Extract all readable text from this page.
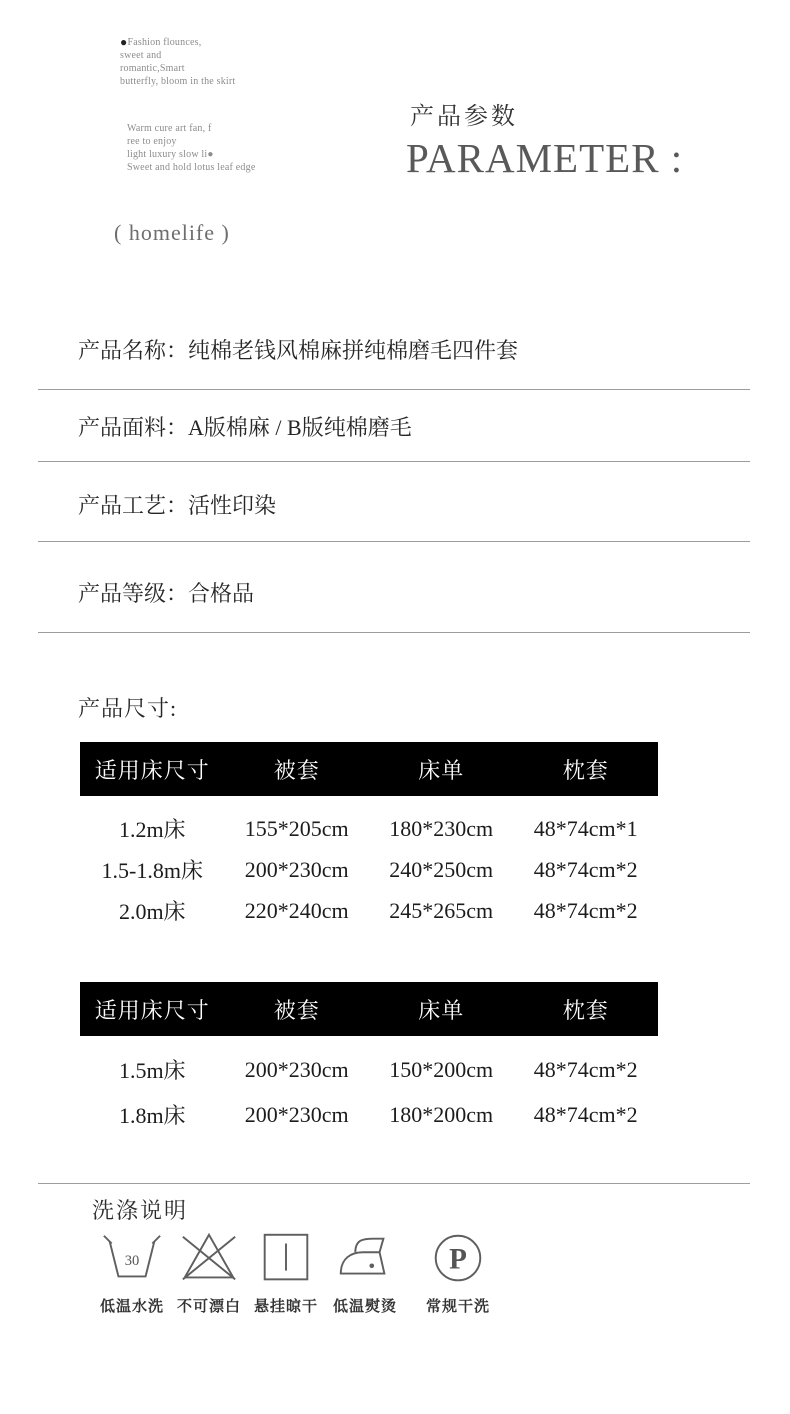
●Fashion flounces,
sweet and
romantic,Smart
butterfly, bloom in the skirt
Warm cure art fan, f
ree to enjoy
light luxury slow li●
Sweet and hold lotus leaf edge
( homelife )
产品参数
PARAMETER :
产品名称：纯棉老钱风棉麻拼纯棉磨毛四件套
产品面料：A版棉麻 / B版纯棉磨毛
产品工艺：活性印染
产品等级：合格品
产品尺寸:
适用床尺寸	被套	床单	枕套
1.2m床	155*205cm	180*230cm	48*74cm*1
1.5-1.8m床	200*230cm	240*250cm	48*74cm*2
2.0m床	220*240cm	245*265cm	48*74cm*2
适用床尺寸	被套	床单	枕套
1.5m床	200*230cm	150*200cm	48*74cm*2
1.8m床	200*230cm	180*200cm	48*74cm*2
洗涤说明
30
低温水洗 不可漂白 悬挂晾干 低温熨烫
P
常规干洗
